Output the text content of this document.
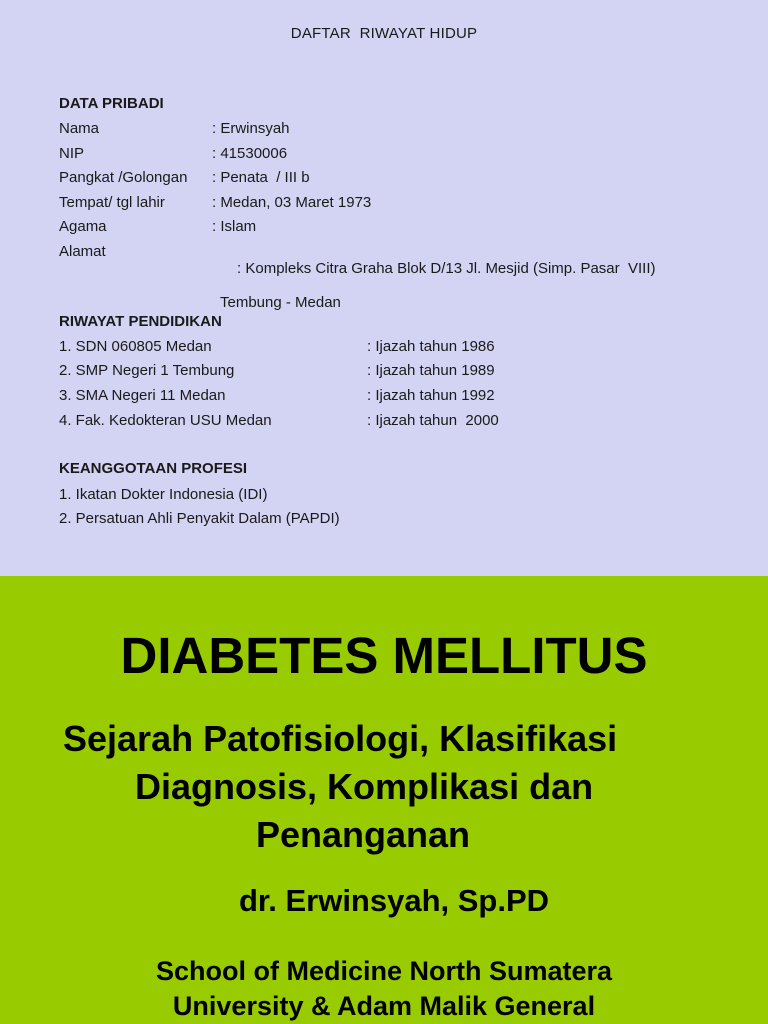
DAFTAR  RIWAYAT HIDUP
DATA PRIBADI

Nama

	: Erwinsyah

NIP

	: 41530006

Pangkat /Golongan

: Penata  / III b

Tempat/ tgl lahir

	: Medan, 03 Maret 1973

Agama

	: Islam

Alamat

: Kompleks Citra Graha Blok D/13 Jl. Mesjid (Simp. Pasar  VIII)

Tembung - Medan

RIWAYAT PENDIDIKAN

1. SDN 060805 Medan

	: Ijazah tahun 1986

2. SMP Negeri 1 Tembung

	: Ijazah tahun 1989

3. SMA Negeri 11 Medan

	: Ijazah tahun 1992

4. Fak. Kedokteran USU Medan

	: Ijazah tahun  2000

KEANGGOTAAN PROFESI
1. Ikatan Dokter Indonesia (IDI)
2. Persatuan Ahli Penyakit Dalam (PAPDI)
DIABETES MELLITUS
Sejarah Patofisiologi, Klasifikasi
Diagnosis, Komplikasi dan
Penanganan
dr. Erwinsyah, Sp.PD
School of Medicine North Sumatera
University & Adam Malik General
